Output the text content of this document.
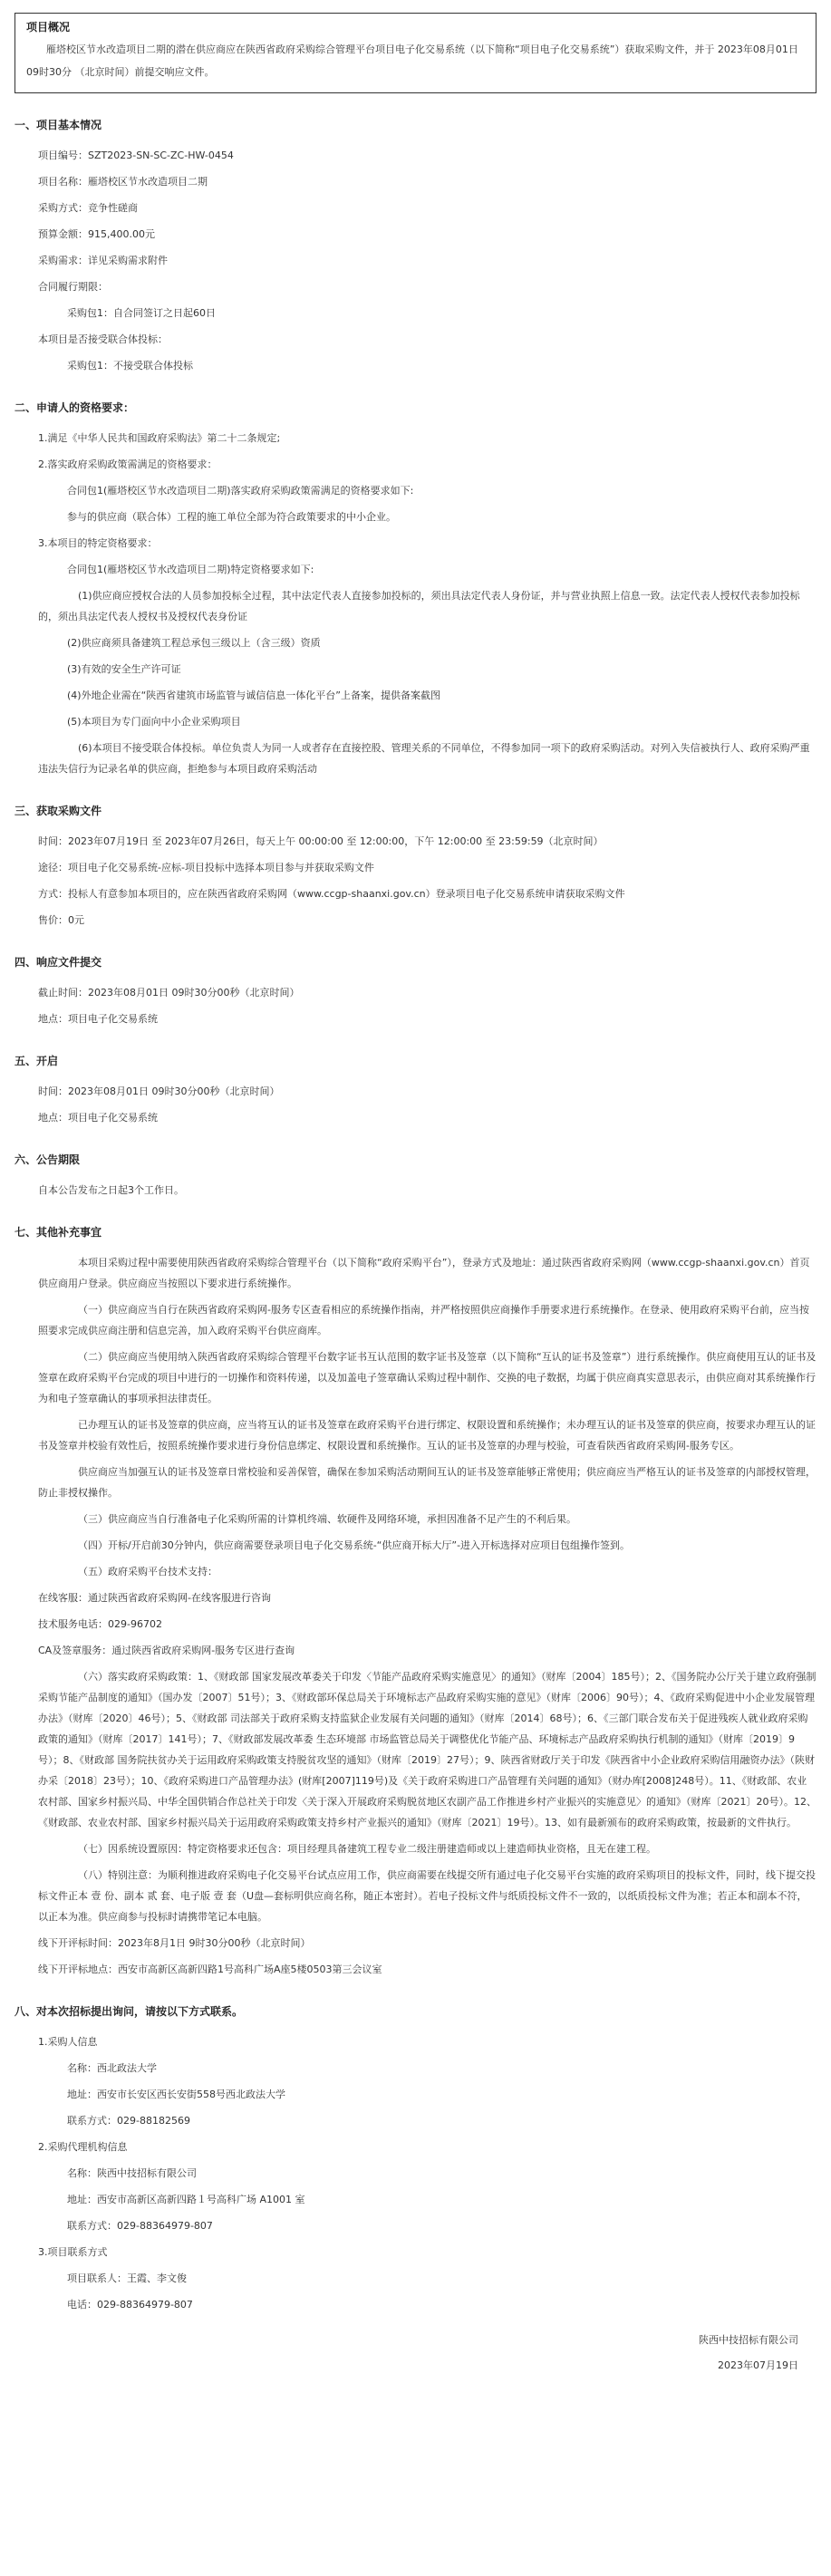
项目概况
雁塔校区节水改造项目二期的潜在供应商应在陕西省政府采购综合管理平台项目电子化交易系统（以下简称“项目电子化交易系统”）获取采购文件，并于 2023年08月01日 09时30分 （北京时间）前提交响应文件。
一、项目基本情况
项目编号：SZT2023-SN-SC-ZC-HW-0454
项目名称：雁塔校区节水改造项目二期
采购方式：竞争性磋商
预算金额：915,400.00元
采购需求：详见采购需求附件
合同履行期限：
采购包1：自合同签订之日起60日
本项目是否接受联合体投标：
采购包1：不接受联合体投标
二、申请人的资格要求：
1.满足《中华人民共和国政府采购法》第二十二条规定;
2.落实政府采购政策需满足的资格要求：
合同包1(雁塔校区节水改造项目二期)落实政府采购政策需满足的资格要求如下:
参与的供应商（联合体）工程的施工单位全部为符合政策要求的中小企业。
3.本项目的特定资格要求：
合同包1(雁塔校区节水改造项目二期)特定资格要求如下:
(1)供应商应授权合法的人员参加投标全过程，其中法定代表人直接参加投标的，须出具法定代表人身份证，并与营业执照上信息一致。法定代表人授权代表参加投标的，须出具法定代表人授权书及授权代表身份证
(2)供应商须具备建筑工程总承包三级以上（含三级）资质
(3)有效的安全生产许可证
(4)外地企业需在“陕西省建筑市场监管与诚信信息一体化平台”上备案，提供备案截图
(5)本项目为专门面向中小企业采购项目
(6)本项目不接受联合体投标。单位负责人为同一人或者存在直接控股、管理关系的不同单位，不得参加同一项下的政府采购活动。对列入失信被执行人、政府采购严重违法失信行为记录名单的供应商，拒绝参与本项目政府采购活动
三、获取采购文件
时间：2023年07月19日 至 2023年07月26日，每天上午 00:00:00 至 12:00:00，下午 12:00:00 至 23:59:59（北京时间）
途径：项目电子化交易系统-应标-项目投标中选择本项目参与并获取采购文件
方式：投标人有意参加本项目的，应在陕西省政府采购网（www.ccgp-shaanxi.gov.cn）登录项目电子化交易系统申请获取采购文件
售价：0元
四、响应文件提交
截止时间：2023年08月01日 09时30分00秒（北京时间）
地点：项目电子化交易系统
五、开启
时间：2023年08月01日 09时30分00秒（北京时间）
地点：项目电子化交易系统
六、公告期限
自本公告发布之日起3个工作日。
七、其他补充事宜
本项目采购过程中需要使用陕西省政府采购综合管理平台（以下简称“政府采购平台”），登录方式及地址：通过陕西省政府采购网（www.ccgp-shaanxi.gov.cn）首页供应商用户登录。供应商应当按照以下要求进行系统操作。
（一）供应商应当自行在陕西省政府采购网-服务专区查看相应的系统操作指南，并严格按照供应商操作手册要求进行系统操作。在登录、使用政府采购平台前，应当按照要求完成供应商注册和信息完善，加入政府采购平台供应商库。
（二）供应商应当使用纳入陕西省政府采购综合管理平台数字证书互认范围的数字证书及签章（以下简称“互认的证书及签章”）进行系统操作。供应商使用互认的证书及签章在政府采购平台完成的项目中进行的一切操作和资料传递，以及加盖电子签章确认采购过程中制作、交换的电子数据，均属于供应商真实意思表示，由供应商对其系统操作行为和电子签章确认的事项承担法律责任。
已办理互认的证书及签章的供应商，应当将互认的证书及签章在政府采购平台进行绑定、权限设置和系统操作；未办理互认的证书及签章的供应商，按要求办理互认的证书及签章并校验有效性后，按照系统操作要求进行身份信息绑定、权限设置和系统操作。互认的证书及签章的办理与校验，可查看陕西省政府采购网-服务专区。
供应商应当加强互认的证书及签章日常校验和妥善保管，确保在参加采购活动期间互认的证书及签章能够正常使用；供应商应当严格互认的证书及签章的内部授权管理，防止非授权操作。
（三）供应商应当自行准备电子化采购所需的计算机终端、软硬件及网络环境，承担因准备不足产生的不利后果。
（四）开标/开启前30分钟内，供应商需要登录项目电子化交易系统-“供应商开标大厅”-进入开标选择对应项目包组操作签到。
（五）政府采购平台技术支持：
在线客服：通过陕西省政府采购网-在线客服进行咨询
技术服务电话：029-96702
CA及签章服务：通过陕西省政府采购网-服务专区进行查询
（六）落实政府采购政策：1、《财政部 国家发展改革委关于印发〈节能产品政府采购实施意见〉的通知》（财库〔2004〕185号）；2、《国务院办公厅关于建立政府强制采购节能产品制度的通知》（国办发〔2007〕51号）；3、《财政部环保总局关于环境标志产品政府采购实施的意见》（财库〔2006〕90号）；4、《政府采购促进中小企业发展管理办法》（财库〔2020〕46号）；5、《财政部 司法部关于政府采购支持监狱企业发展有关问题的通知》（财库〔2014〕68号）；6、《三部门联合发布关于促进残疾人就业政府采购政策的通知》（财库〔2017〕141号）；7、《财政部发展改革委 生态环境部 市场监管总局关于调整优化节能产品、环境标志产品政府采购执行机制的通知》（财库〔2019〕9号）；8、《财政部 国务院扶贫办关于运用政府采购政策支持脱贫攻坚的通知》（财库〔2019〕27号）；9、陕西省财政厅关于印发《陕西省中小企业政府采购信用融资办法》（陕财办采〔2018〕23号）；10、《政府采购进口产品管理办法》(财库[2007]119号)及《关于政府采购进口产品管理有关问题的通知》（财办库[2008]248号）。11、《财政部、农业农村部、国家乡村振兴局、中华全国供销合作总社关于印发〈关于深入开展政府采购脱贫地区农副产品工作推进乡村产业振兴的实施意见〉的通知》（财库〔2021〕20号）。12、《财政部、农业农村部、国家乡村振兴局关于运用政府采购政策支持乡村产业振兴的通知》（财库〔2021〕19号）。13、如有最新颁布的政府采购政策，按最新的文件执行。
（七）因系统设置原因：特定资格要求还包含：项目经理具备建筑工程专业二级注册建造师或以上建造师执业资格，且无在建工程。
（八）特别注意：为顺利推进政府采购电子化交易平台试点应用工作，供应商需要在线提交所有通过电子化交易平台实施的政府采购项目的投标文件，同时，线下提交投标文件正本 壹 份、副本 贰 套、电子版 壹 套（U盘—套标明供应商名称，随正本密封）。若电子投标文件与纸质投标文件不一致的，以纸质投标文件为准；若正本和副本不符，以正本为准。供应商参与投标时请携带笔记本电脑。
线下开评标时间：2023年8月1日 9时30分00秒（北京时间）
线下开评标地点：西安市高新区高新四路1号高科广场A座5楼0503第三会议室
八、对本次招标提出询问，请按以下方式联系。
1.采购人信息
名称：西北政法大学
地址：西安市长安区西长安街558号西北政法大学
联系方式：029-88182569
2.采购代理机构信息
名称：陕西中技招标有限公司
地址：西安市高新区高新四路１号高科广场 A1001 室
联系方式：029-88364979-807
3.项目联系方式
项目联系人：王霞、李文俊
电话：029-88364979-807
陕西中技招标有限公司
2023年07月19日
